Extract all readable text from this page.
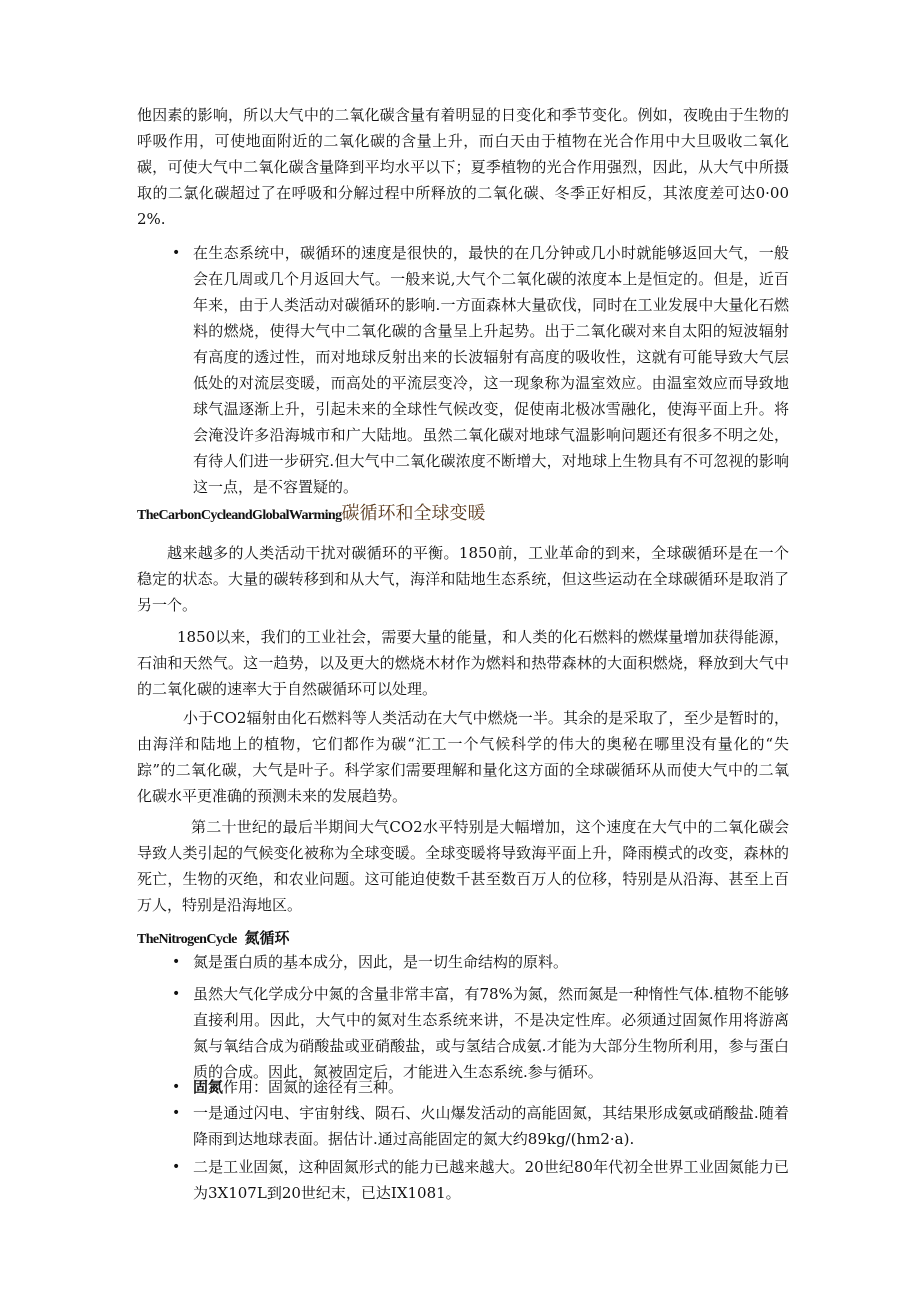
他因素的影响，所以大气中的二氧化碳含量有着明显的日变化和季节变化。例如，夜晚由于生物的呼吸作用，可使地面附近的二氧化碳的含量上升，而白天由于植物在光合作用中大旦吸收二氧化碳，可使大气中二氧化碳含量降到平均水平以下；夏季植物的光合作用强烈，因此，从大气中所摄取的二氯化碳超过了在呼吸和分解过程中所释放的二氧化碳、冬季正好相反，其浓度差可达0·002%.

• 在生态系统中，碳循环的速度是很快的，最快的在几分钟或几小时就能够返回大气，一般会在几周或几个月返回大气。一般来说,大气个二氧化碳的浓度本上是恒定的。但是，近百年来，由于人类活动对碳循环的影响.一方面森林大量砍伐，同时在工业发展中大量化石燃料的燃烧，使得大气中二氧化碳的含量呈上升起势。出于二氧化碳对来自太阳的短波辐射有高度的透过性，而对地球反射出来的长波辐射有高度的吸收性，这就有可能导致大气层低处的对流层变暖，而高处的平流层变冷，这一现象称为温室效应。由温室效应而导致地球气温逐渐上升，引起未来的全球性气候改变，促使南北极冰雪融化，使海平面上升。将会淹没许多沿海城市和广大陆地。虽然二氧化碳对地球气温影响问题还有很多不明之处，有待人们进一步研究.但大气中二氧化碳浓度不断增大，对地球上生物具有不可忽视的影响这一点，是不容置疑的。

TheCarbonCycleandGlobalWarming碳循环和全球变暖

越来越多的人类活动干扰对碳循环的平衡。1850前，工业革命的到来，全球碳循环是在一个稳定的状态。大量的碳转移到和从大气，海洋和陆地生态系统，但这些运动在全球碳循环是取消了另一个。

1850以来，我们的工业社会，需要大量的能量，和人类的化石燃料的燃煤量增加获得能源，石油和天然气。这一趋势，以及更大的燃烧木材作为燃料和热带森林的大面积燃烧，释放到大气中的二氧化碳的速率大于自然碳循环可以处理。

小于CO2辐射由化石燃料等人类活动在大气中燃烧一半。其余的是采取了，至少是暂时的，由海洋和陆地上的植物，它们都作为碳“汇工一个气候科学的伟大的奥秘在哪里没有量化的“失踪”的二氧化碳，大气是叶子。科学家们需要理解和量化这方面的全球碳循环从而使大气中的二氧化碳水平更准确的预测未来的发展趋势。

第二十世纪的最后半期间大气CO2水平特别是大幅增加，这个速度在大气中的二氧化碳会导致人类引起的气候变化被称为全球变暖。全球变暖将导致海平面上升，降雨模式的改变，森林的死亡，生物的灭绝，和农业问题。这可能迫使数千甚至数百万人的位移，特别是从沿海、甚至上百万人，特别是沿海地区。

TheNitrogenCycle 氮循环
• 氮是蛋白质的基本成分，因此，是一切生命结构的原料。

• 虽然大气化学成分中氮的含量非常丰富，有78%为氮，然而氮是一种惰性气体.植物不能够直接利用。因此，大气中的氮对生态系统来讲，不是决定性库。必须通过固氮作用将游离氮与氧结合成为硝酸盐或亚硝酸盐，或与氢结合成氨.才能为大部分生物所利用，参与蛋白质的合成。因此，氮被固定后，才能进入生态系统.参与循环。

• 固氮作用：固氮的途径有三种。

• 一是通过闪电、宇宙射线、陨石、火山爆发活动的高能固氮，其结果形成氨或硝酸盐.随着降雨到达地球表面。据估计.通过高能固定的氮大约89kg/(hm2·a).

• 二是工业固氮，这种固氮形式的能力已越来越大。20世纪80年代初全世界工业固氮能力已为3X107L到20世纪末，已达IX1081。
